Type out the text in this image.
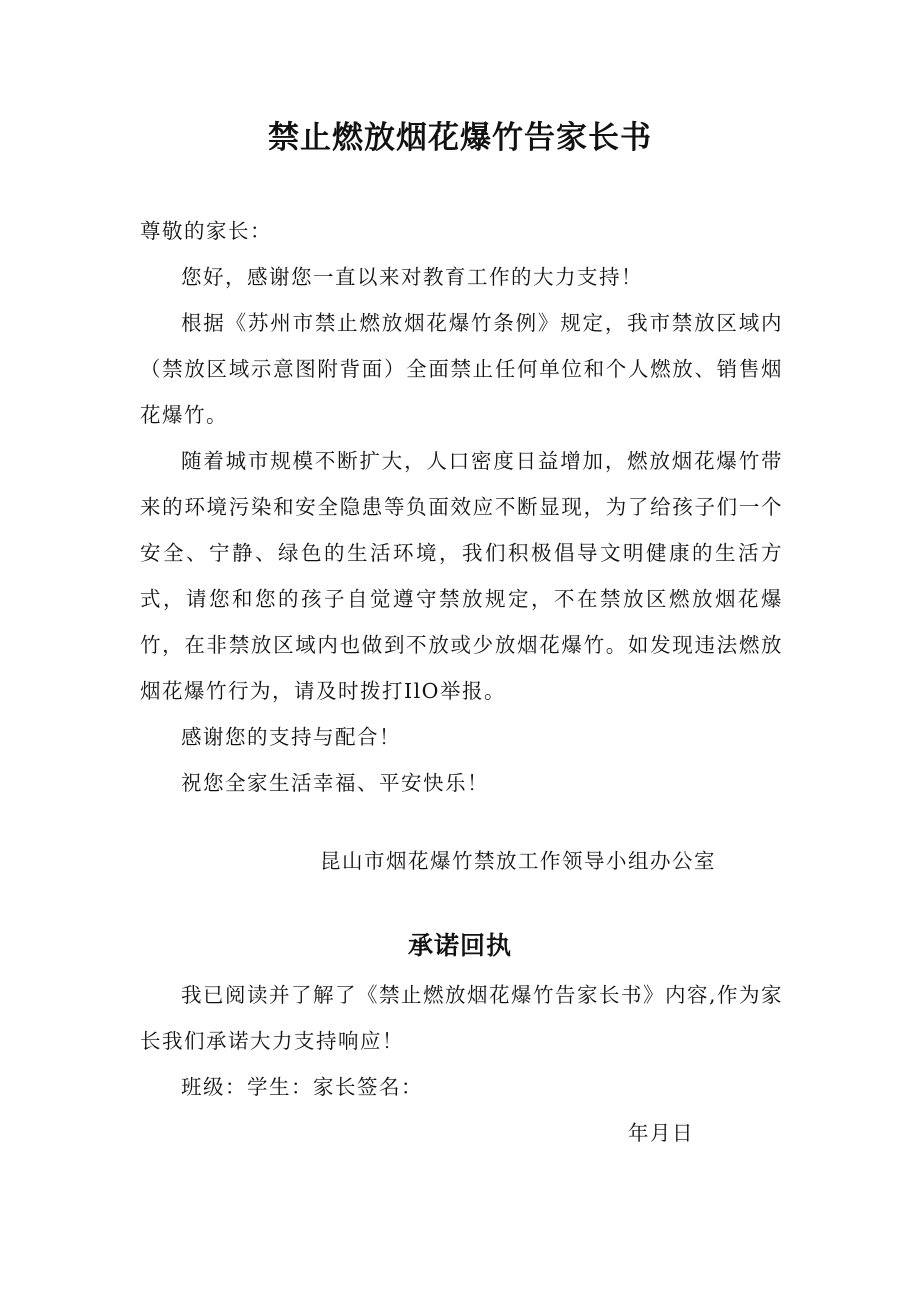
禁止燃放烟花爆竹告家长书
尊敬的家长：
您好，感谢您一直以来对教育工作的大力支持！
根据《苏州市禁止燃放烟花爆竹条例》规定，我市禁放区域内（禁放区域示意图附背面）全面禁止任何单位和个人燃放、销售烟花爆竹。
随着城市规模不断扩大，人口密度日益增加，燃放烟花爆竹带来的环境污染和安全隐患等负面效应不断显现，为了给孩子们一个安全、宁静、绿色的生活环境，我们积极倡导文明健康的生活方式，请您和您的孩子自觉遵守禁放规定，不在禁放区燃放烟花爆竹，在非禁放区域内也做到不放或少放烟花爆竹。如发现违法燃放烟花爆竹行为，请及时拨打IlO举报。
感谢您的支持与配合！
祝您全家生活幸福、平安快乐！
昆山市烟花爆竹禁放工作领导小组办公室
承诺回执
我已阅读并了解了《禁止燃放烟花爆竹告家长书》内容,作为家长我们承诺大力支持响应！
班级：学生：家长签名：
年月日
